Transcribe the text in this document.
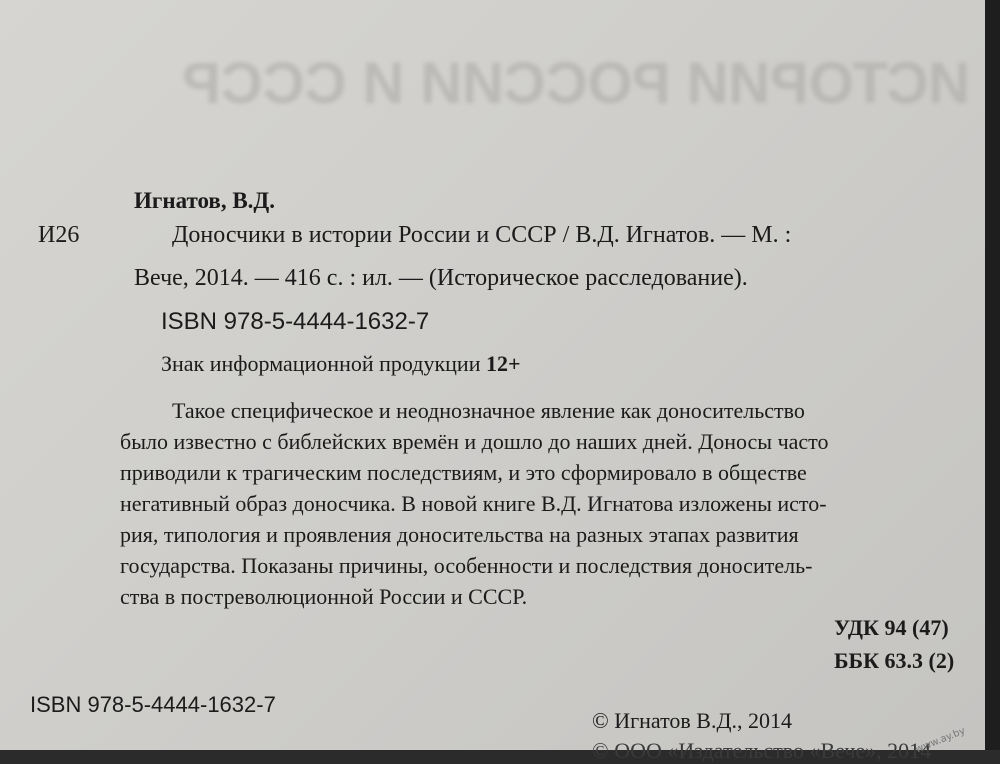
ИСТОРИИ РОССИИ И СССР
Игнатов, В.Д.
И26	Доносчики в истории России и СССР / В.Д. Игнатов. — М. :
Вече, 2014. — 416 с. : ил. — (Историческое расследование).
ISBN 978-5-4444-1632-7
Знак информационной продукции 12+
Такое специфическое и неоднозначное явление как доносительство
было известно с библейских времён и дошло до наших дней. Доносы часто
приводили к трагическим последствиям, и это сформировало в обществе
негативный образ доносчика. В новой книге В.Д. Игнатова изложены исто-
рия, типология и проявления доносительства на разных этапах развития
государства. Показаны причины, особенности и последствия доноситель-
ства в постреволюционной России и СССР.
УДК 94 (47)
ББК 63.3 (2)
ISBN 978-5-4444-1632-7
© Игнатов В.Д., 2014
© ООО «Издательство «Вече», 2014
www.ay.by
